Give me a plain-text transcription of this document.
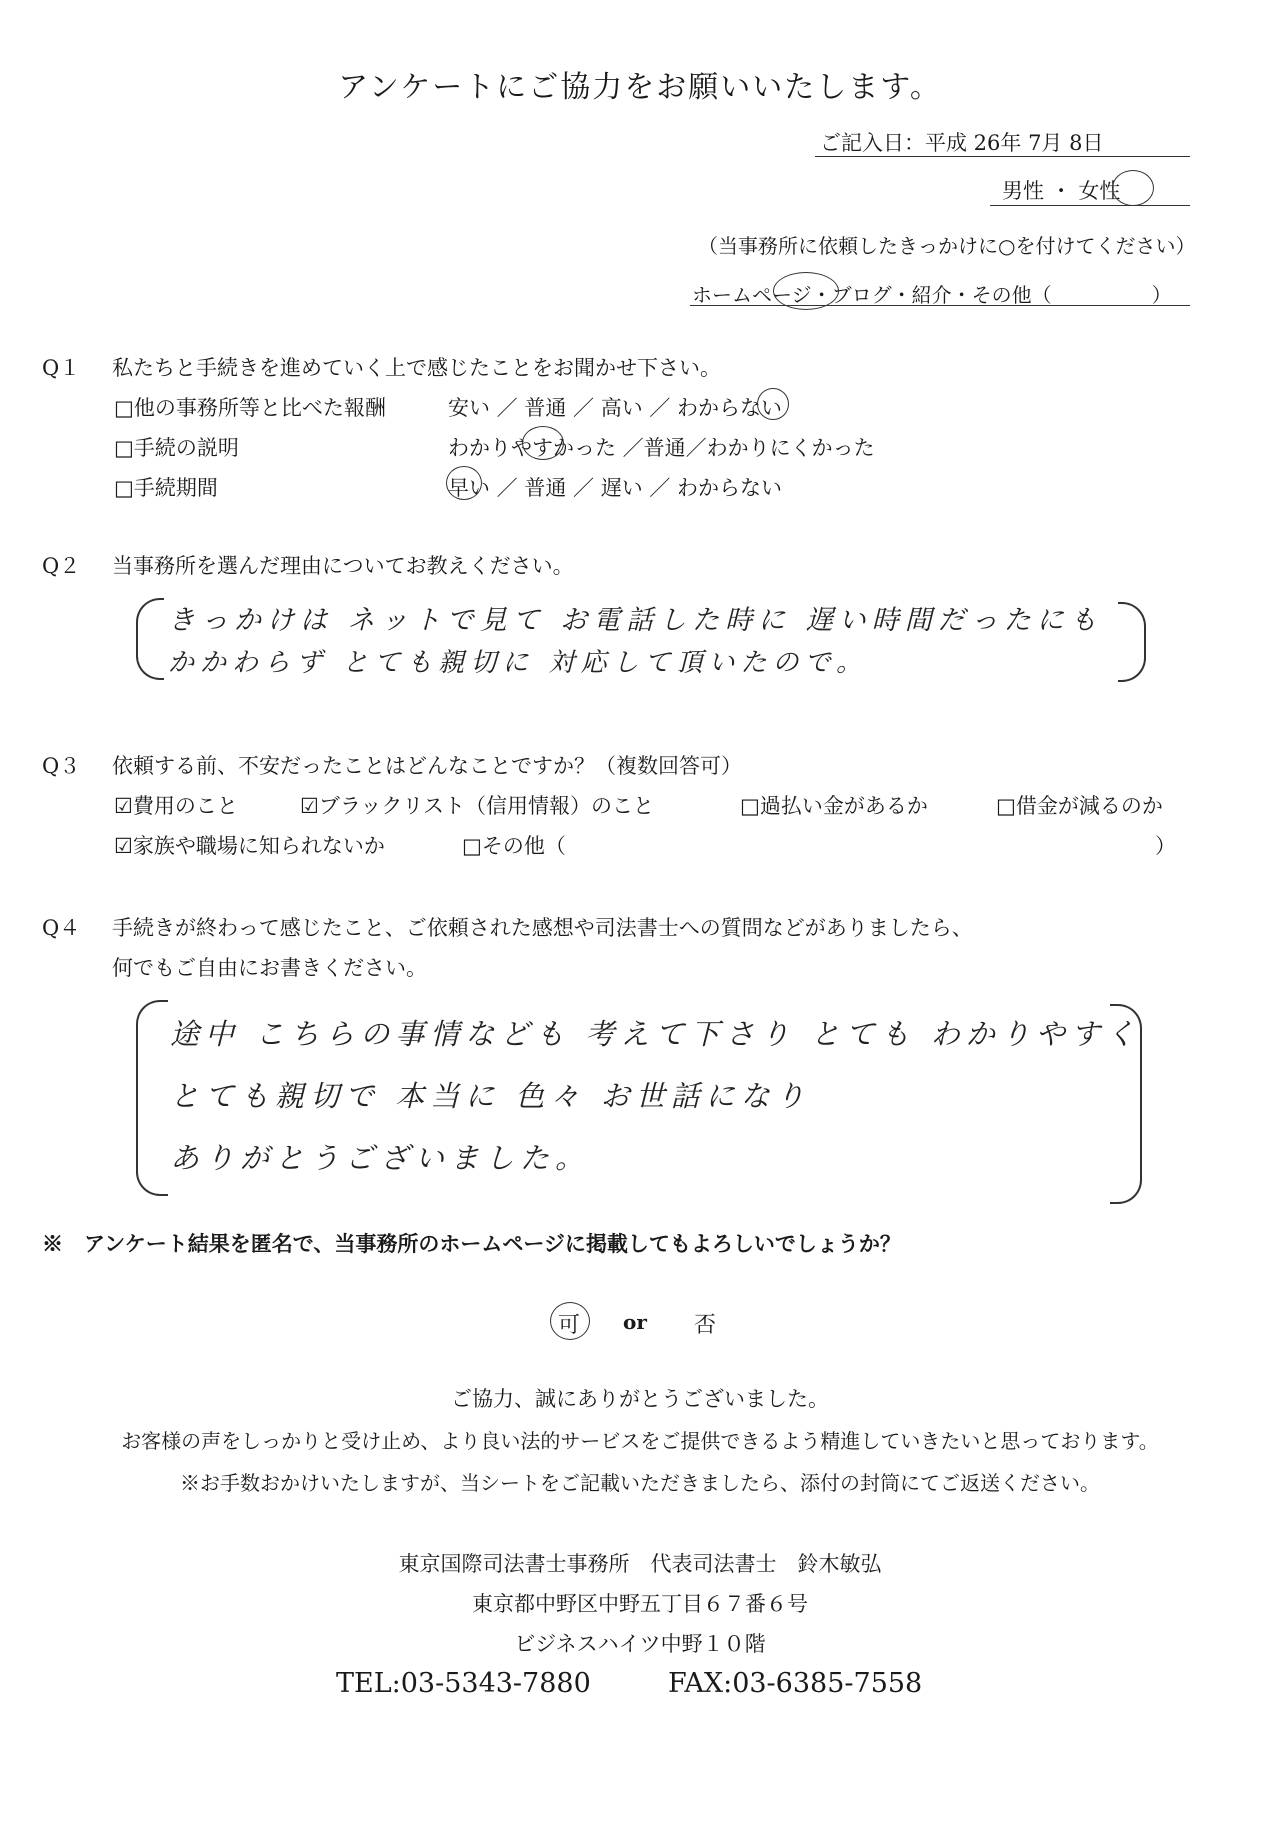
アンケートにご協力をお願いいたします。
ご記入日：平成 26年 7月 8日
男性 ・ 女性
（当事務所に依頼したきっかけに○を付けてください）
ホームページ・ブログ・紹介・その他（　　　　　）
Q１ 私たちと手続きを進めていく上で感じたことをお聞かせ下さい。
□他の事務所等と比べた報酬	安い ／ 普通 ／ 高い ／ わからない
□手続の説明	わかりやすかった ／普通／わかりにくかった
□手続期間	早い ／ 普通 ／ 遅い ／ わからない
Q２ 当事務所を選んだ理由についてお教えください。
きっかけは ネットで見て お電話した時に 遅い時間だったにも
かかわらず とても親切に 対応して頂いたので。
Q３ 依頼する前、不安だったことはどんなことですか？（複数回答可）
☑費用のこと	☑ブラックリスト（信用情報）のこと	□過払い金があるか	□借金が減るのか
☑家族や職場に知られないか	□その他（	）
Q４ 手続きが終わって感じたこと、ご依頼された感想や司法書士への質問などがありましたら、
何でもご自由にお書きください。
途中 こちらの事情なども 考えて下さり とても わかりやすく
とても親切で 本当に 色々 お世話になり
ありがとうございました。
※　アンケート結果を匿名で、当事務所のホームページに掲載してもよろしいでしょうか？
可 or 否
ご協力、誠にありがとうございました。
お客様の声をしっかりと受け止め、より良い法的サービスをご提供できるよう精進していきたいと思っております。
※お手数おかけいたしますが、当シートをご記載いただきましたら、添付の封筒にてご返送ください。
東京国際司法書士事務所　代表司法書士　鈴木敏弘
東京都中野区中野五丁目６７番６号
ビジネスハイツ中野１０階
TEL:03-5343-7880	FAX:03-6385-7558
